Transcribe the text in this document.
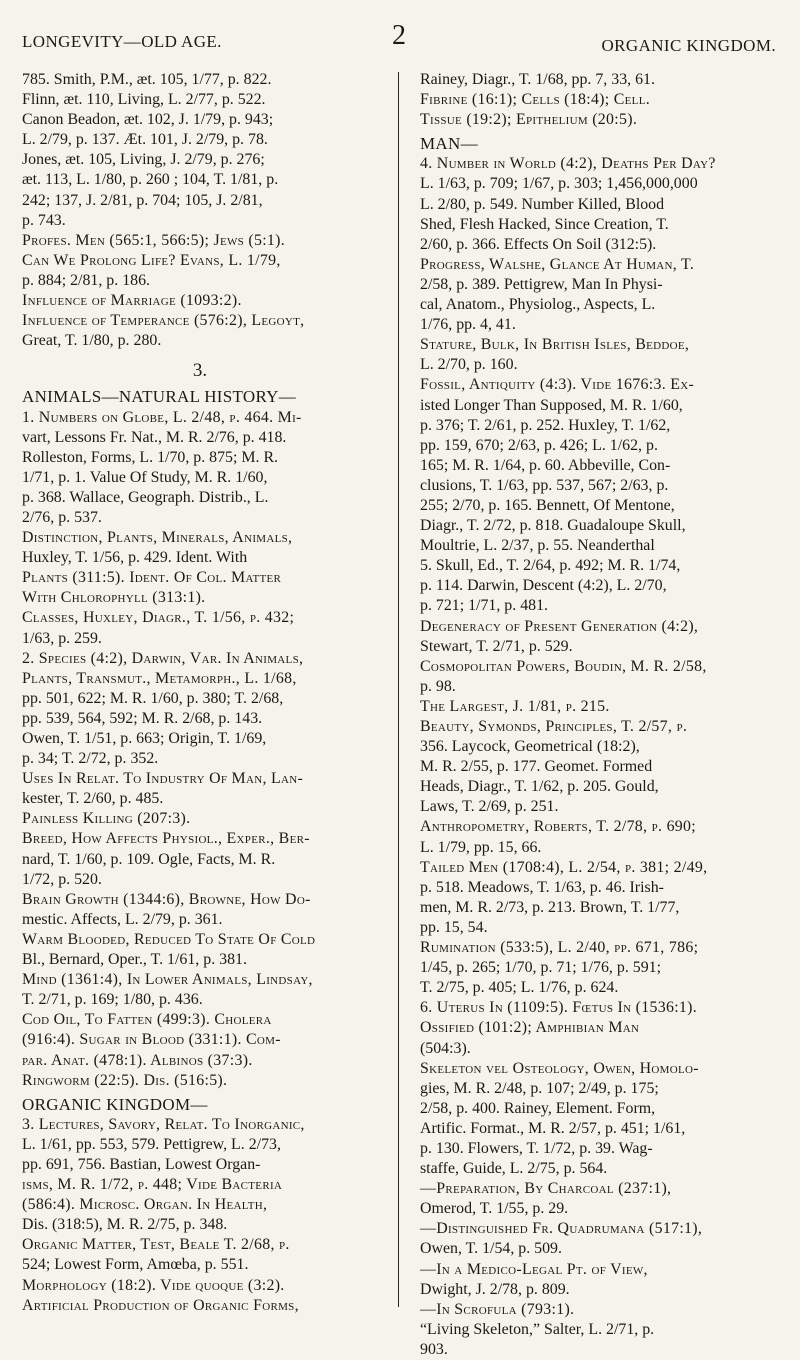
LONGEVITY—OLD AGE.	2	ORGANIC KINGDOM.
785. Smith, P.M., æt. 105, 1/77, p. 822.
Flinn, æt. 110, Living, L. 2/77, p. 522.
Canon Beadon, æt. 102, J. 1/79, p. 943;
L. 2/79, p. 137. Æt. 101, J. 2/79, p. 78.
Jones, æt. 105, Living, J. 2/79, p. 276;
æt. 113, L. 1/80, p. 260 ; 104, T. 1/81, p.
242; 137, J. 2/81, p. 704; 105, J. 2/81,
p. 743.
Profes. Men (565:1, 566:5); Jews (5:1).
Can We Prolong Life? Evans, L. 1/79,
p. 884; 2/81, p. 186.
Influence of Marriage (1093:2).
Influence of Temperance (576:2), Legoyt,
Great, T. 1/80, p. 280.
3.
ANIMALS—NATURAL HISTORY—
1. Numbers on Globe, L. 2/48, p. 464. Mi-
vart, Lessons Fr. Nat., M. R. 2/76, p. 418.
Rolleston, Forms, L. 1/70, p. 875; M. R.
1/71, p. 1. Value Of Study, M. R. 1/60,
p. 368. Wallace, Geograph. Distrib., L.
2/76, p. 537.
Distinction, Plants, Minerals, Animals,
Huxley, T. 1/56, p. 429. Ident. With
Plants (311:5). Ident. Of Col. Matter
With Chlorophyll (313:1).
Classes, Huxley, Diagr., T. 1/56, p. 432;
1/63, p. 259.
2. Species (4:2), Darwin, Var. In Animals,
Plants, Transmut., Metamorph., L. 1/68,
pp. 501, 622; M. R. 1/60, p. 380; T. 2/68,
pp. 539, 564, 592; M. R. 2/68, p. 143.
Owen, T. 1/51, p. 663; Origin, T. 1/69,
p. 34; T. 2/72, p. 352.
Uses In Relat. To Industry Of Man, Lan-
kester, T. 2/60, p. 485.
Painless Killing (207:3).
Breed, How Affects Physiol., Exper., Ber-
nard, T. 1/60, p. 109. Ogle, Facts, M. R.
1/72, p. 520.
Brain Growth (1344:6), Browne, How Do-
mestic. Affects, L. 2/79, p. 361.
Warm Blooded, Reduced To State Of Cold
Bl., Bernard, Oper., T. 1/61, p. 381.
Mind (1361:4), In Lower Animals, Lindsay,
T. 2/71, p. 169; 1/80, p. 436.
Cod Oil, To Fatten (499:3). Cholera
(916:4). Sugar in Blood (331:1). Com-
par. Anat. (478:1). Albinos (37:3).
Ringworm (22:5). Dis. (516:5).
ORGANIC KINGDOM—
3. Lectures, Savory, Relat. To Inorganic,
L. 1/61, pp. 553, 579. Pettigrew, L. 2/73,
pp. 691, 756. Bastian, Lowest Organ-
isms, M. R. 1/72, p. 448; Vide Bacteria
(586:4). Microsc. Organ. In Health,
Dis. (318:5), M. R. 2/75, p. 348.
Organic Matter, Test, Beale T. 2/68, p.
524; Lowest Form, Amœba, p. 551.
Morphology (18:2). Vide quoque (3:2).
Artificial Production of Organic Forms,
Rainey, Diagr., T. 1/68, pp. 7, 33, 61.
Fibrine (16:1); Cells (18:4); Cell.
Tissue (19:2); Epithelium (20:5).
MAN—
4. Number in World (4:2), Deaths Per Day?
L. 1/63, p. 709; 1/67, p. 303; 1,456,000,000
L. 2/80, p. 549. Number Killed, Blood
Shed, Flesh Hacked, Since Creation, T.
2/60, p. 366. Effects On Soil (312:5).
Progress, Walshe, Glance At Human, T.
2/58, p. 389. Pettigrew, Man In Physi-
cal, Anatom., Physiolog., Aspects, L.
1/76, pp. 4, 41.
Stature, Bulk, In British Isles, Beddoe,
L. 2/70, p. 160.
Fossil, Antiquity (4:3). Vide 1676:3. Ex-
isted Longer Than Supposed, M. R. 1/60,
p. 376; T. 2/61, p. 252. Huxley, T. 1/62,
pp. 159, 670; 2/63, p. 426; L. 1/62, p.
165; M. R. 1/64, p. 60. Abbeville, Con-
clusions, T. 1/63, pp. 537, 567; 2/63, p.
255; 2/70, p. 165. Bennett, Of Mentone,
Diagr., T. 2/72, p. 818. Guadaloupe Skull,
Moultrie, L. 2/37, p. 55. Neanderthal
5. Skull, Ed., T. 2/64, p. 492; M. R. 1/74,
p. 114. Darwin, Descent (4:2), L. 2/70,
p. 721; 1/71, p. 481.
Degeneracy of Present Generation (4:2),
Stewart, T. 2/71, p. 529.
Cosmopolitan Powers, Boudin, M. R. 2/58,
p. 98.
The Largest, J. 1/81, p. 215.
Beauty, Symonds, Principles, T. 2/57, p.
356. Laycock, Geometrical (18:2),
M. R. 2/55, p. 177. Geomet. Formed
Heads, Diagr., T. 1/62, p. 205. Gould,
Laws, T. 2/69, p. 251.
Anthropometry, Roberts, T. 2/78, p. 690;
L. 1/79, pp. 15, 66.
Tailed Men (1708:4), L. 2/54, p. 381; 2/49,
p. 518. Meadows, T. 1/63, p. 46. Irish-
men, M. R. 2/73, p. 213. Brown, T. 1/77,
pp. 15, 54.
Rumination (533:5), L. 2/40, pp. 671, 786;
1/45, p. 265; 1/70, p. 71; 1/76, p. 591;
T. 2/75, p. 405; L. 1/76, p. 624.
6. Uterus In (1109:5). Fœtus In (1536:1).
Ossified (101:2); Amphibian Man
(504:3).
Skeleton vel Osteology, Owen, Homolo-
gies, M. R. 2/48, p. 107; 2/49, p. 175;
2/58, p. 400. Rainey, Element. Form,
Artific. Format., M. R. 2/57, p. 451; 1/61,
p. 130. Flowers, T. 1/72, p. 39. Wag-
staffe, Guide, L. 2/75, p. 564.
—Preparation, By Charcoal (237:1),
Omerod, T. 1/55, p. 29.
—Distinguished Fr. Quadrumana (517:1),
Owen, T. 1/54, p. 509.
—In a Medico-Legal Pt. of View,
Dwight, J. 2/78, p. 809.
—In Scrofula (793:1).
“Living Skeleton,” Salter, L. 2/71, p.
903.
